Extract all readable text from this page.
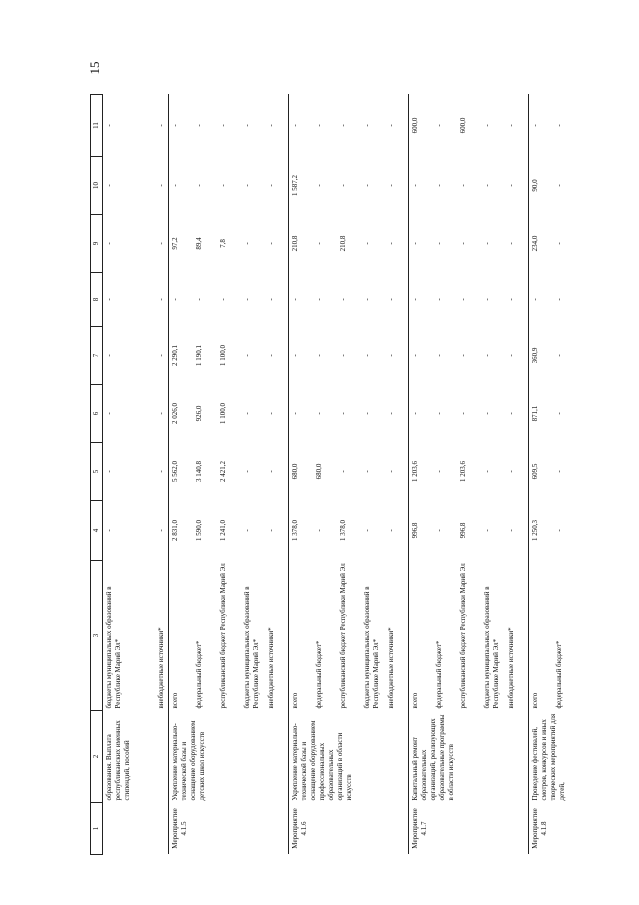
15
1	2	3	4	5	6	7	8	9	10	11
	образования. Выплата республиканских именных стипендий, пособий	бюджеты муниципальных образований в Республике Марий Эл*	-	-	-	-	-	-	-	-
		внебюджетные источники*	-	-	-	-	-	-	-	-
Мероприятие 4.1.5	Укрепление материально-технической базы и оснащение оборудованием детских школ искусств	всего	2 831,0	5 562,0	2 026,0	2 290,1	-	97,2	-	-
		федеральный бюджет*	1 590,0	3 140,8	926,0	1 190,1	-	89,4	-	-
		республиканский бюджет Республики Марий Эл	1 241,0	2 421,2	1 100,0	1 100,0	-	7,8	-	-
		бюджеты муниципальных образований в Республике Марий Эл*	-	-	-	-	-	-	-	-
		внебюджетные источники*	-	-	-	-	-	-	-	-
Мероприятие 4.1.6	Укрепление материально-технической базы и оснащение оборудованием профессиональных образовательных организаций в области искусств	всего	1 378,0	680,0	-	-	-	210,8	1 587,2	-
		федеральный бюджет*	-	680,0	-	-	-	-	-	-
		республиканский бюджет Республики Марий Эл	1 378,0	-	-	-	-	210,8	-	-
		бюджеты муниципальных образований в Республике Марий Эл*	-	-	-	-	-	-	-	-
		внебюджетные источники*	-	-	-	-	-	-	-	-
Мероприятие 4.1.7	Капитальный ремонт образовательных организаций, реализующих образовательные программы в области искусств	всего	996,8	1 203,6	-	-	-	-	-	600,0
		федеральный бюджет*	-	-	-	-	-	-	-	-
		республиканский бюджет Республики Марий Эл	996,8	1 203,6	-	-	-	-	-	600,0
		бюджеты муниципальных образований в Республике Марий Эл*	-	-	-	-	-	-	-	-
		внебюджетные источники*	-	-	-	-	-	-	-	-
Мероприятие 4.1.8	Проведение фестивалей, смотров, конкурсов и иных творческих мероприятий для детей,	всего	1 250,3	609,5	871,1	360,9	-	234,0	90,0	-
		федеральный бюджет*	-	-	-	-	-	-	-	-
